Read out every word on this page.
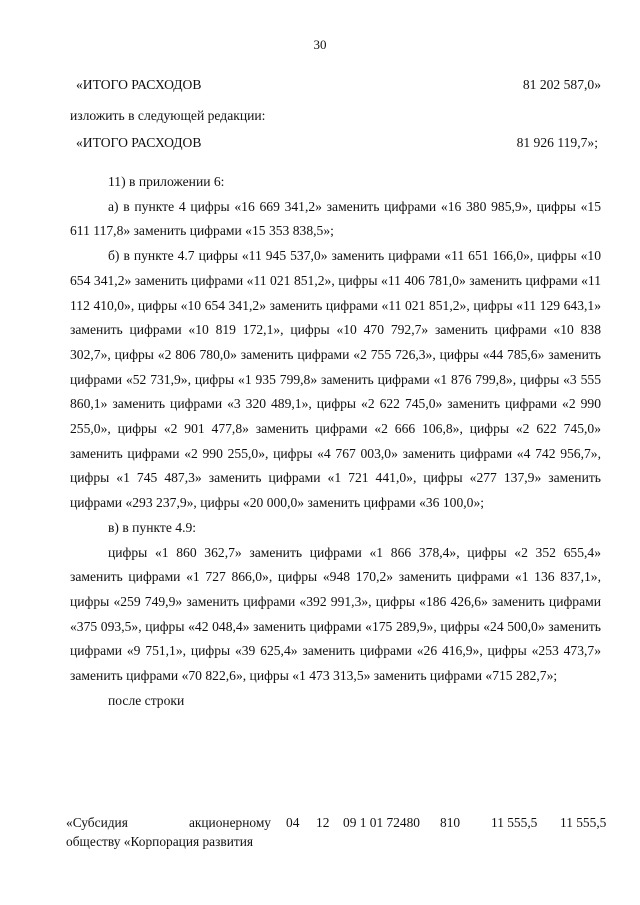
30
«ИТОГО РАСХОДОВ	81 202 587,0»
изложить в следующей редакции:
«ИТОГО РАСХОДОВ	81 926 119,7»;

11) в приложении 6:

а) в пункте 4 цифры «16 669 341,2» заменить цифрами «16 380 985,9», цифры «15 611 117,8» заменить цифрами «15 353 838,5»;

б) в пункте 4.7 цифры «11 945 537,0» заменить цифрами «11 651 166,0», цифры «10 654 341,2» заменить цифрами «11 021 851,2», цифры «11 406 781,0» заменить цифрами «11 112 410,0», цифры «10 654 341,2» заменить цифрами «11 021 851,2», цифры «11 129 643,1» заменить цифрами «10 819 172,1», цифры «10 470 792,7» заменить цифрами «10 838 302,7», цифры «2 806 780,0» заменить цифрами «2 755 726,3», цифры «44 785,6» заменить цифрами «52 731,9», цифры «1 935 799,8» заменить цифрами «1 876 799,8», цифры «3 555 860,1» заменить цифрами «3 320 489,1», цифры «2 622 745,0» заменить цифрами «2 990 255,0», цифры «2 901 477,8» заменить цифрами «2 666 106,8», цифры «2 622 745,0» заменить цифрами «2 990 255,0», цифры «4 767 003,0» заменить цифрами «4 742 956,7», цифры «1 745 487,3» заменить цифрами «1 721 441,0», цифры «277 137,9» заменить цифрами «293 237,9», цифры «20 000,0» заменить цифрами «36 100,0»;

в) в пункте 4.9:

цифры «1 860 362,7» заменить цифрами «1 866 378,4», цифры «2 352 655,4» заменить цифрами «1 727 866,0», цифры «948 170,2» заменить цифрами «1 136 837,1», цифры «259 749,9» заменить цифрами «392 991,3», цифры «186 426,6» заменить цифрами «375 093,5», цифры «42 048,4» заменить цифрами «175 289,9», цифры «24 500,0» заменить цифрами «9 751,1», цифры «39 625,4» заменить цифрами «26 416,9», цифры «253 473,7» заменить цифрами «70 822,6», цифры «1 473 313,5» заменить цифрами «715 282,7»;

после строки

«Субсидия акционерному обществу «Корпорация развития
04 12 09 1 01 72480 810 11 555,5 11 555,5
